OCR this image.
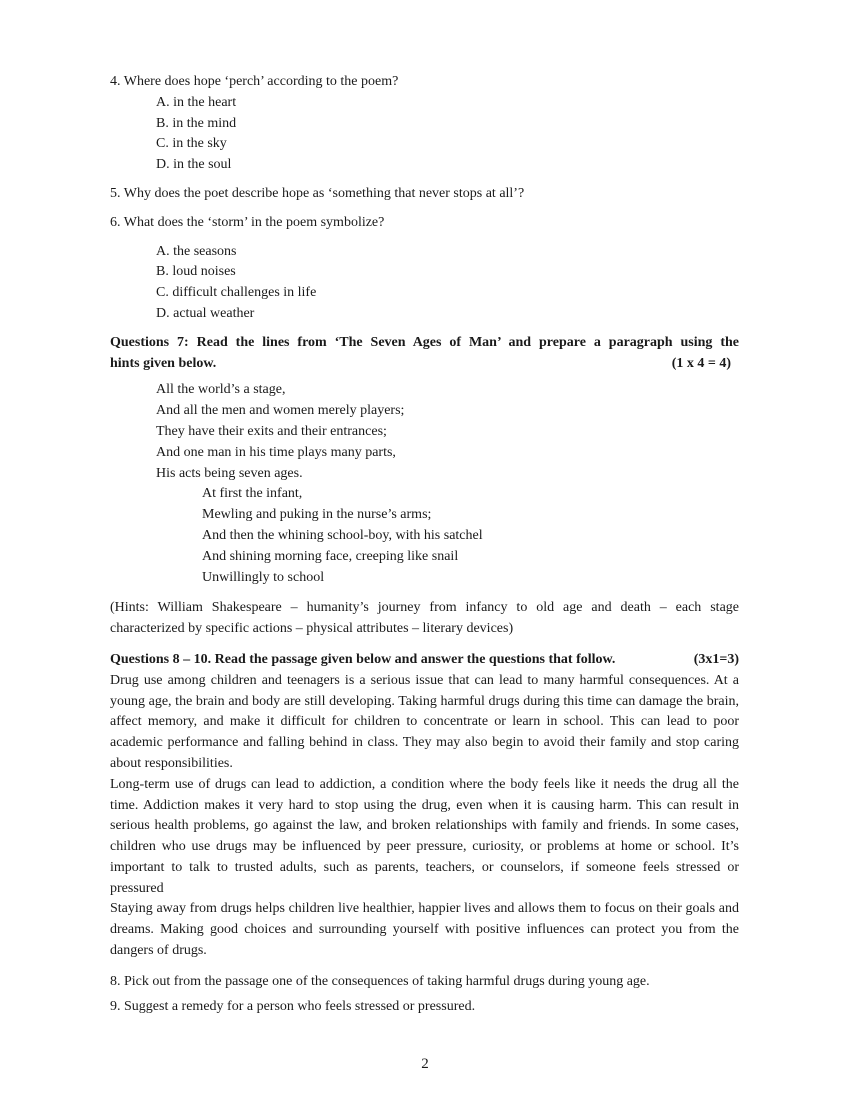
4. Where does hope ‘perch’ according to the poem?

A. in the heart
B. in the mind
C. in the sky
D. in the soul

5. Why does the poet describe hope as ‘something that never stops at all’?

6. What does the ‘storm’ in the poem symbolize?

A. the seasons
B. loud noises
C. difficult challenges in life
D. actual weather
Questions 7: Read the lines from ‘The Seven Ages of Man’ and prepare a paragraph using the
hints given below.	(1 x 4 = 4)
All the world’s a stage,
And all the men and women merely players;
They have their exits and their entrances;
And one man in his time plays many parts,
His acts being seven ages.
At first the infant,
Mewling and puking in the nurse’s arms;
And then the whining school-boy, with his satchel
And shining morning face, creeping like snail
Unwillingly to school
(Hints: William Shakespeare – humanity’s journey from infancy to old age and death – each stage
characterized by specific actions – physical attributes – literary devices)
Questions 8 – 10. Read the passage given below and answer the questions that follow.	(3x1=3)

Drug use among children and teenagers is a serious issue that can lead to many harmful consequences. At a young age, the brain and body are still developing. Taking harmful drugs during this time can damage the brain, affect memory, and make it difficult for children to concentrate or learn in school. This can lead to poor academic performance and falling behind in class. They may also begin to avoid their family and stop caring about responsibilities.

Long-term use of drugs can lead to addiction, a condition where the body feels like it needs the drug all the time. Addiction makes it very hard to stop using the drug, even when it is causing harm. This can result in serious health problems, go against the law, and broken relationships with family and friends. In some cases, children who use drugs may be influenced by peer pressure, curiosity, or problems at home or school. It’s important to talk to trusted adults, such as parents, teachers, or counselors, if someone feels stressed or pressured

Staying away from drugs helps children live healthier, happier lives and allows them to focus on their goals and dreams. Making good choices and surrounding yourself with positive influences can protect you from the dangers of drugs.

8. Pick out from the passage one of the consequences of taking harmful drugs during young age.

9. Suggest a remedy for a person who feels stressed or pressured.

2
